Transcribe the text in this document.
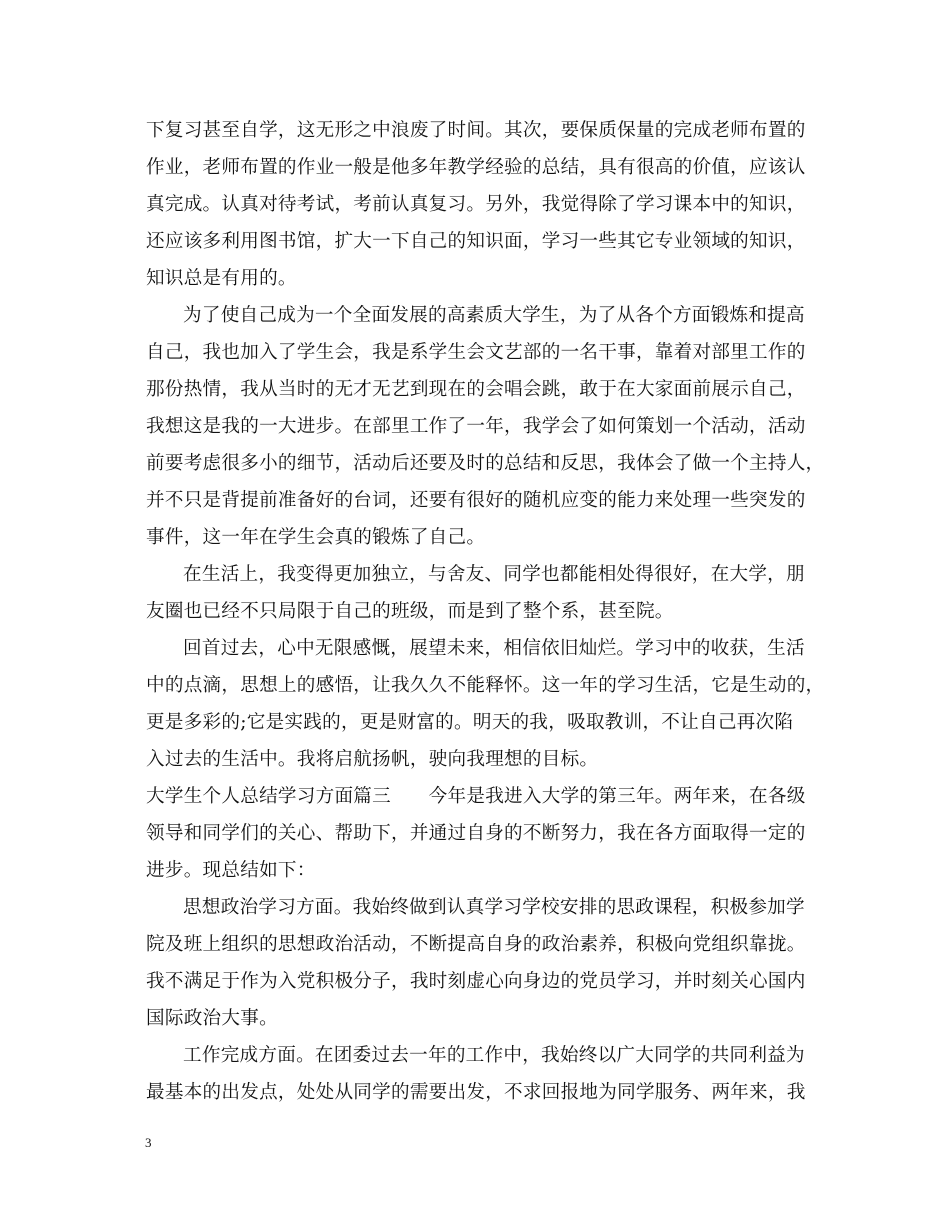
下复习甚至自学，这无形之中浪废了时间。其次，要保质保量的完成老师布置的
作业，老师布置的作业一般是他多年教学经验的总结，具有很高的价值，应该认
真完成。认真对待考试，考前认真复习。另外，我觉得除了学习课本中的知识，
还应该多利用图书馆，扩大一下自己的知识面，学习一些其它专业领域的知识，
知识总是有用的。
为了使自己成为一个全面发展的高素质大学生，为了从各个方面锻炼和提高
自己，我也加入了学生会，我是系学生会文艺部的一名干事，靠着对部里工作的
那份热情，我从当时的无才无艺到现在的会唱会跳，敢于在大家面前展示自己，
我想这是我的一大进步。在部里工作了一年，我学会了如何策划一个活动，活动
前要考虑很多小的细节，活动后还要及时的总结和反思，我体会了做一个主持人，
并不只是背提前准备好的台词，还要有很好的随机应变的能力来处理一些突发的
事件，这一年在学生会真的锻炼了自己。
在生活上，我变得更加独立，与舍友、同学也都能相处得很好，在大学，朋
友圈也已经不只局限于自己的班级，而是到了整个系，甚至院。
回首过去，心中无限感慨，展望未来，相信依旧灿烂。学习中的收获，生活
中的点滴，思想上的感悟，让我久久不能释怀。这一年的学习生活，它是生动的，
更是多彩的;它是实践的，更是财富的。明天的我，吸取教训，不让自己再次陷
入过去的生活中。我将启航扬帆，驶向我理想的目标。
大学生个人总结学习方面篇三　　今年是我进入大学的第三年。两年来，在各级
领导和同学们的关心、帮助下，并通过自身的不断努力，我在各方面取得一定的
进步。现总结如下：
思想政治学习方面。我始终做到认真学习学校安排的思政课程，积极参加学
院及班上组织的思想政治活动，不断提高自身的政治素养，积极向党组织靠拢。
我不满足于作为入党积极分子，我时刻虚心向身边的党员学习，并时刻关心国内
国际政治大事。
工作完成方面。在团委过去一年的工作中，我始终以广大同学的共同利益为
最基本的出发点，处处从同学的需要出发，不求回报地为同学服务、两年来，我
3
